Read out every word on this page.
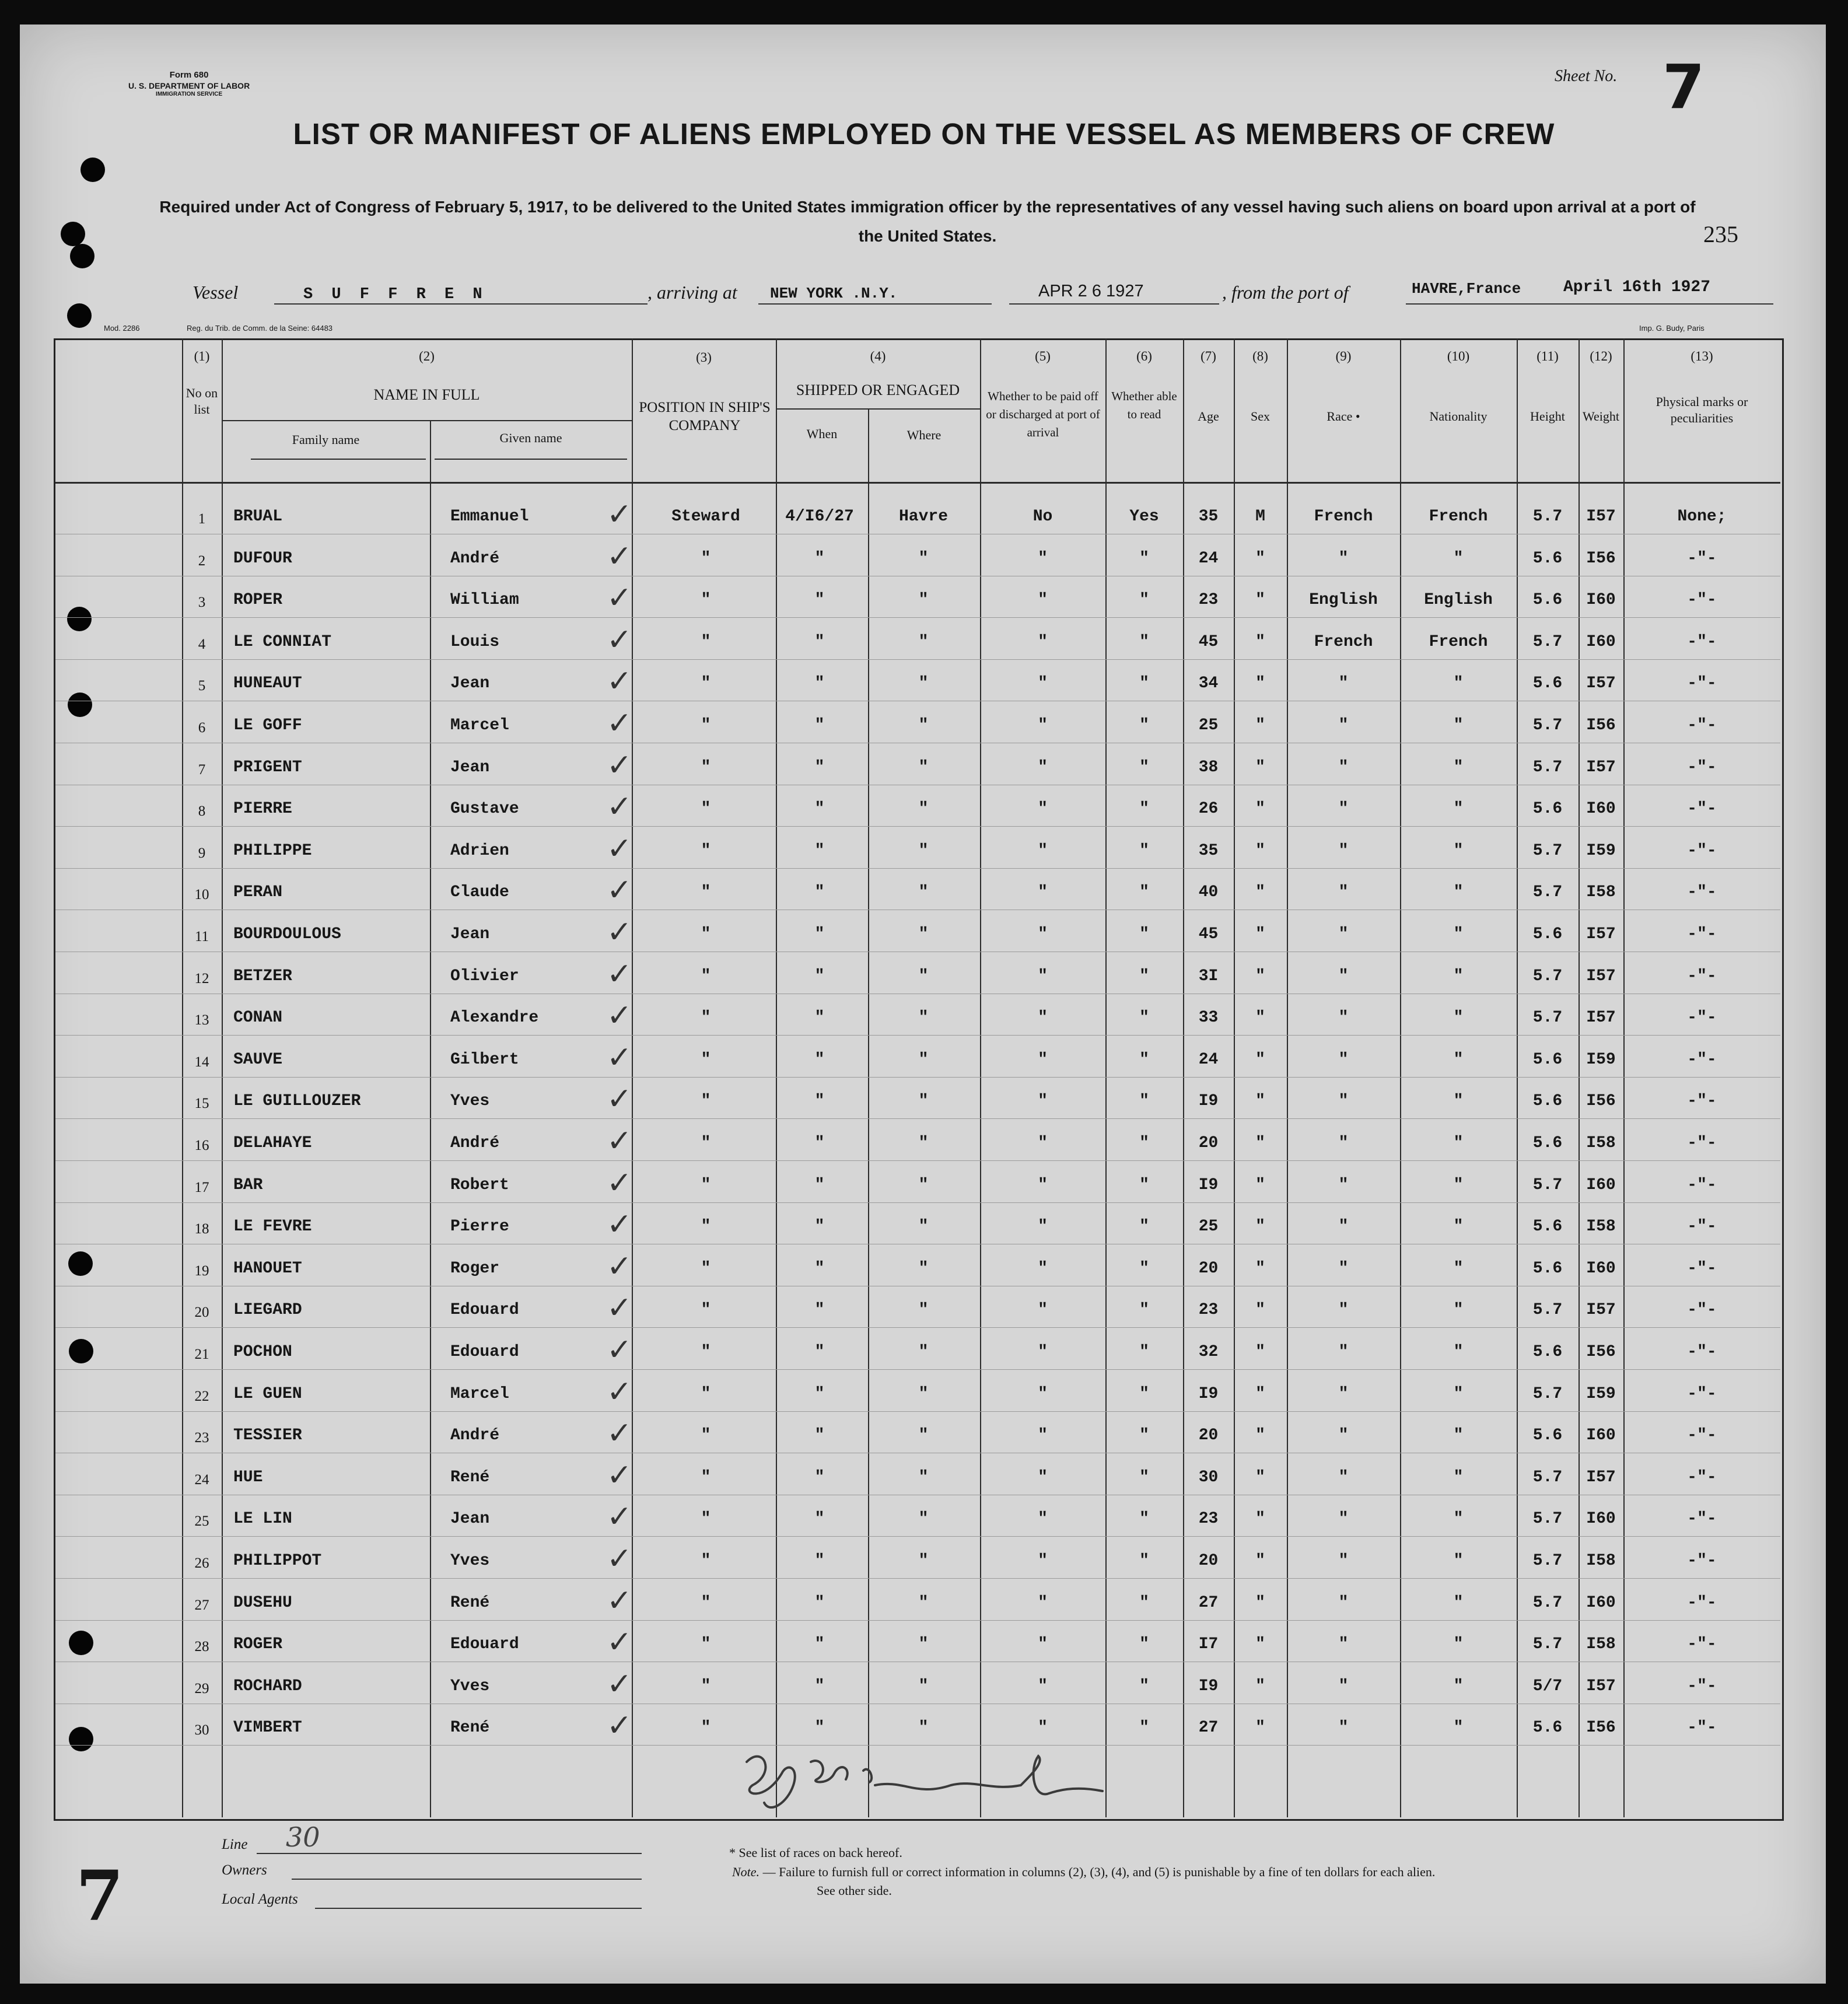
Form 680
U. S. DEPARTMENT OF LABOR
IMMIGRATION SERVICE
Sheet No. 7
LIST OR MANIFEST OF ALIENS EMPLOYED ON THE VESSEL AS MEMBERS OF CREW
Required under Act of Congress of February 5, 1917, to be delivered to the United States immigration officer by the representatives of any vessel having such aliens on board upon arrival at a port of the United States.	235
Vessel	S U F F R E N	, arriving at NEW YORK .N.Y.	APR 2 6 1927	, from the port of	HAVRE,France	April 16th 1927
Mod. 2286	Reg. du Trib. de Comm. de la Seine: 64483	Imp. G. Budy, Paris
(1)
No on list
(2)
NAME IN FULL
Family name	Given name
(3)
POSITION IN SHIP'S COMPANY
(4)
SHIPPED OR ENGAGED
When	Where
(5)
Whether to be paid off or discharged at port of arrival
(6)
Whether able to read
(7)
Age
(8)
Sex
(9)
Race •
(10)
Nationality
(11)
Height
(12)
Weight
(13)
Physical marks or peculiarities
1	BRUAL	Emmanuel	Steward	4/I6/27	Havre	No	Yes	35	M	French	French	5.7	I57	None;
✓
2	DUFOUR	André	"	"	"	"	"	24	"	"	"	5.6	I56	-"-
✓
3	ROPER	William	"	"	"	"	"	23	"	English	English	5.6	I60	-"-
✓
4	LE CONNIAT	Louis	"	"	"	"	"	45	"	French	French	5.7	I60	-"-
✓
5	HUNEAUT	Jean	"	"	"	"	"	34	"	"	"	5.6	I57	-"-
✓
6	LE GOFF	Marcel	"	"	"	"	"	25	"	"	"	5.7	I56	-"-
✓
7	PRIGENT	Jean	"	"	"	"	"	38	"	"	"	5.7	I57	-"-
✓
8	PIERRE	Gustave	"	"	"	"	"	26	"	"	"	5.6	I60	-"-
✓
9	PHILIPPE	Adrien	"	"	"	"	"	35	"	"	"	5.7	I59	-"-
✓
10	PERAN	Claude	"	"	"	"	"	40	"	"	"	5.7	I58	-"-
✓
11	BOURDOULOUS	Jean	"	"	"	"	"	45	"	"	"	5.6	I57	-"-
✓
12	BETZER	Olivier	"	"	"	"	"	3I	"	"	"	5.7	I57	-"-
✓
13	CONAN	Alexandre	"	"	"	"	"	33	"	"	"	5.7	I57	-"-
✓
14	SAUVE	Gilbert	"	"	"	"	"	24	"	"	"	5.6	I59	-"-
✓
15	LE GUILLOUZER	Yves	"	"	"	"	"	I9	"	"	"	5.6	I56	-"-
✓
16	DELAHAYE	André	"	"	"	"	"	20	"	"	"	5.6	I58	-"-
✓
17	BAR	Robert	"	"	"	"	"	I9	"	"	"	5.7	I60	-"-
✓
18	LE FEVRE	Pierre	"	"	"	"	"	25	"	"	"	5.6	I58	-"-
✓
19	HANOUET	Roger	"	"	"	"	"	20	"	"	"	5.6	I60	-"-
✓
20	LIEGARD	Edouard	"	"	"	"	"	23	"	"	"	5.7	I57	-"-
✓
21	POCHON	Edouard	"	"	"	"	"	32	"	"	"	5.6	I56	-"-
✓
22	LE GUEN	Marcel	"	"	"	"	"	I9	"	"	"	5.7	I59	-"-
✓
23	TESSIER	André	"	"	"	"	"	20	"	"	"	5.6	I60	-"-
✓
24	HUE	René	"	"	"	"	"	30	"	"	"	5.7	I57	-"-
✓
25	LE LIN	Jean	"	"	"	"	"	23	"	"	"	5.7	I60	-"-
✓
26	PHILIPPOT	Yves	"	"	"	"	"	20	"	"	"	5.7	I58	-"-
✓
27	DUSEHU	René	"	"	"	"	"	27	"	"	"	5.7	I60	-"-
✓
28	ROGER	Edouard	"	"	"	"	"	I7	"	"	"	5.7	I58	-"-
✓
29	ROCHARD	Yves	"	"	"	"	"	I9	"	"	"	5/7	I57	-"-
✓
30	VIMBERT	René	"	"	"	"	"	27	"	"	"	5.6	I56	-"-
✓
Line 30
Owners
Local Agents
* See list of races on back hereof.
Note. — Failure to furnish full or correct information in columns (2), (3), (4), and (5) is punishable by a fine of ten dollars for each alien.
See other side.
7
